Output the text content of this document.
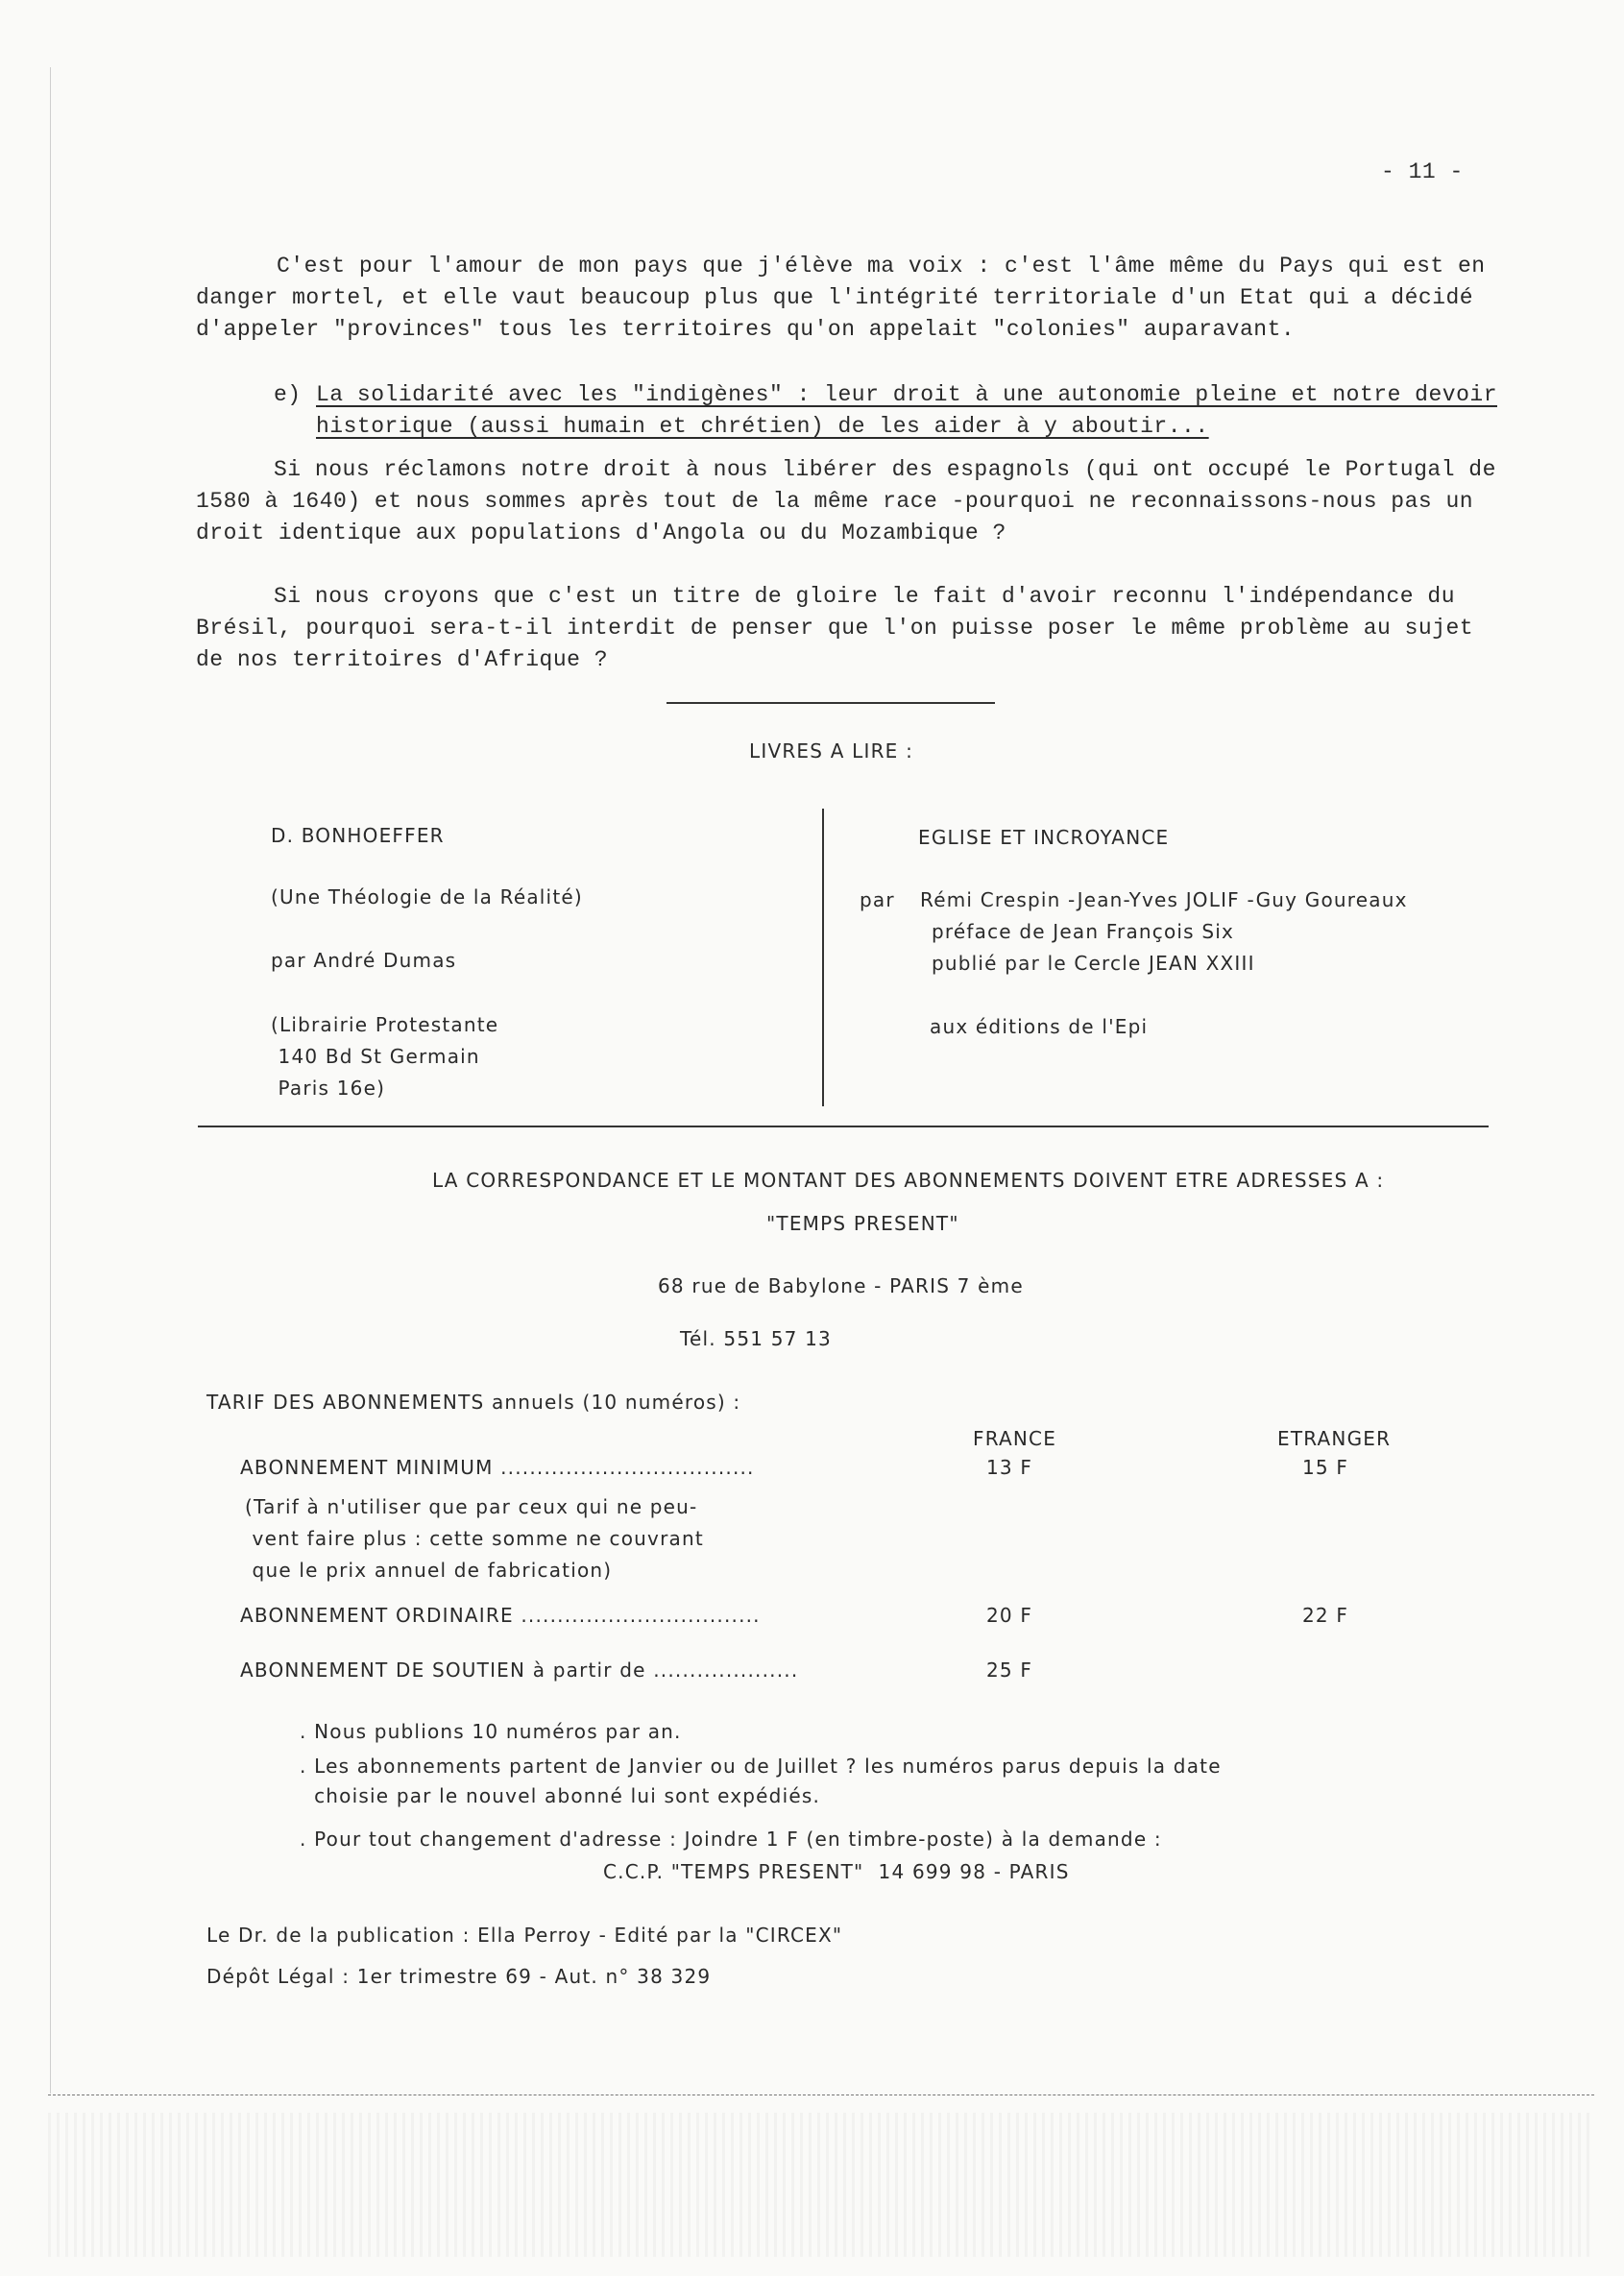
- 11 -
C'est pour l'amour de mon pays que j'élève ma voix : c'est l'âme même du Pays qui est en
danger mortel, et elle vaut beaucoup plus que l'intégrité territoriale d'un Etat qui a décidé
d'appeler "provinces" tous les territoires qu'on appelait "colonies" auparavant.
e) La solidarité avec les "indigènes" : leur droit à une autonomie pleine et notre devoir
historique (aussi humain et chrétien) de les aider à y aboutir...
Si nous réclamons notre droit à nous libérer des espagnols (qui ont occupé le Portugal de
1580 à 1640) et nous sommes après tout de la même race -pourquoi ne reconnaissons-nous pas un
droit identique aux populations d'Angola ou du Mozambique ?
Si nous croyons que c'est un titre de gloire le fait d'avoir reconnu l'indépendance du
Brésil, pourquoi sera-t-il interdit de penser que l'on puisse poser le même problème au sujet
de nos territoires d'Afrique ?
LIVRES A LIRE :
D. BONHOEFFER
(Une Théologie de la Réalité)
par André Dumas
(Librairie Protestante
140 Bd St Germain
Paris 16e)
EGLISE ET INCROYANCE
par Rémi Crespin -Jean-Yves JOLIF -Guy Goureaux
préface de Jean François Six
publié par le Cercle JEAN XXIII
aux éditions de l'Epi
LA CORRESPONDANCE ET LE MONTANT DES ABONNEMENTS DOIVENT ETRE ADRESSES A :
"TEMPS PRESENT"
68 rue de Babylone - PARIS 7 ème
Tél. 551 57 13
TARIF DES ABONNEMENTS annuels (10 numéros) :
FRANCE	ETRANGER
ABONNEMENT MINIMUM ...................................	13 F	15 F
(Tarif à n'utiliser que par ceux qui ne peu-
vent faire plus : cette somme ne couvrant
que le prix annuel de fabrication)
ABONNEMENT ORDINAIRE .................................	20 F	22 F
ABONNEMENT DE SOUTIEN à partir de ....................	25 F
. Nous publions 10 numéros par an.
. Les abonnements partent de Janvier ou de Juillet ? les numéros parus depuis la date
choisie par le nouvel abonné lui sont expédiés.
. Pour tout changement d'adresse : Joindre 1 F (en timbre-poste) à la demande :
C.C.P. "TEMPS PRESENT"  14 699 98 - PARIS
Le Dr. de la publication : Ella Perroy - Edité par la "CIRCEX"
Dépôt Légal : 1er trimestre 69 - Aut. n° 38 329
